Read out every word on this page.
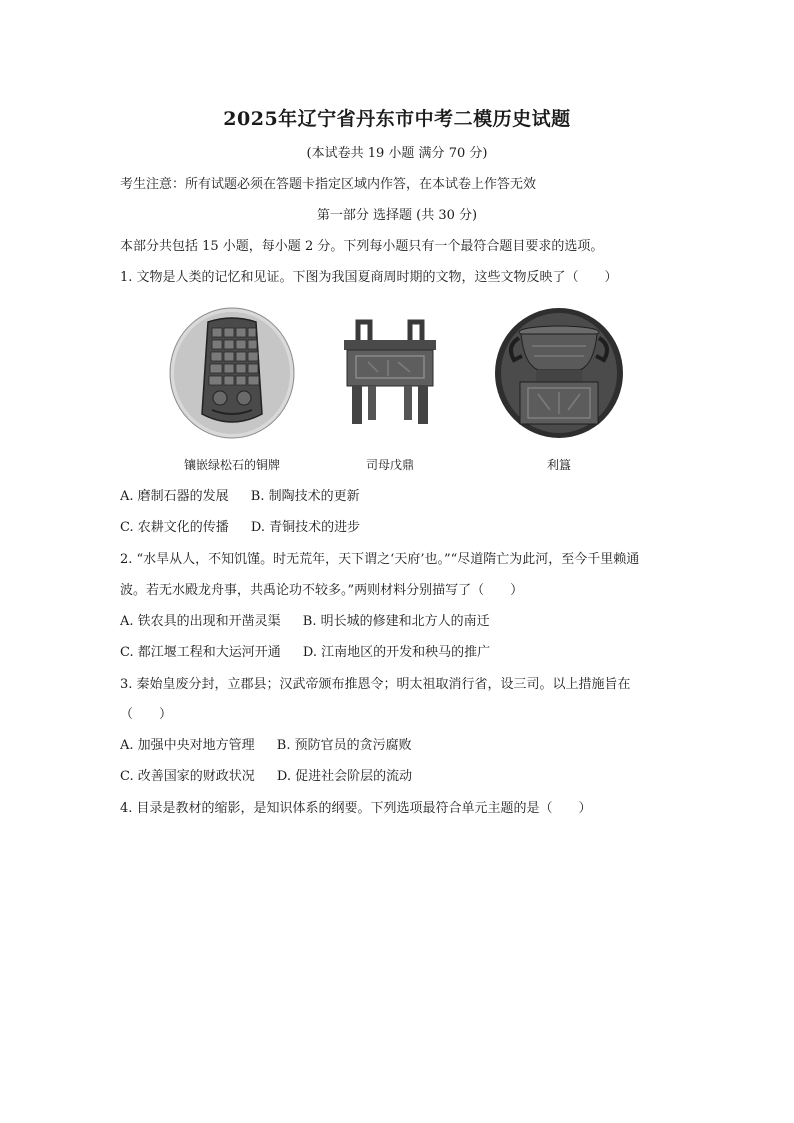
2025年辽宁省丹东市中考二模历史试题
(本试卷共 19 小题 满分 70 分)
考生注意：所有试题必须在答题卡指定区域内作答，在本试卷上作答无效
第一部分 选择题 (共 30 分)
本部分共包括 15 小题，每小题 2 分。下列每小题只有一个最符合题目要求的选项。
1. 文物是人类的记忆和见证。下图为我国夏商周时期的文物，这些文物反映了（　　）
镶嵌绿松石的铜牌	司母戊鼎	利簋
A. 磨制石器的发展 B. 制陶技术的更新
C. 农耕文化的传播 D. 青铜技术的进步
2. “水旱从人，不知饥馑。时无荒年，天下谓之‘天府’也。”“尽道隋亡为此河，至今千里赖通
波。若无水殿龙舟事，共禹论功不较多。”两则材料分别描写了（　　）
A. 铁农具的出现和开凿灵渠 B. 明长城的修建和北方人的南迁
C. 都江堰工程和大运河开通 D. 江南地区的开发和秧马的推广
3. 秦始皇废分封，立郡县；汉武帝颁布推恩令；明太祖取消行省，设三司。以上措施旨在
（　　）
A. 加强中央对地方管理 B. 预防官员的贪污腐败
C. 改善国家的财政状况 D. 促进社会阶层的流动
4. 目录是教材的缩影，是知识体系的纲要。下列选项最符合单元主题的是（　　）
